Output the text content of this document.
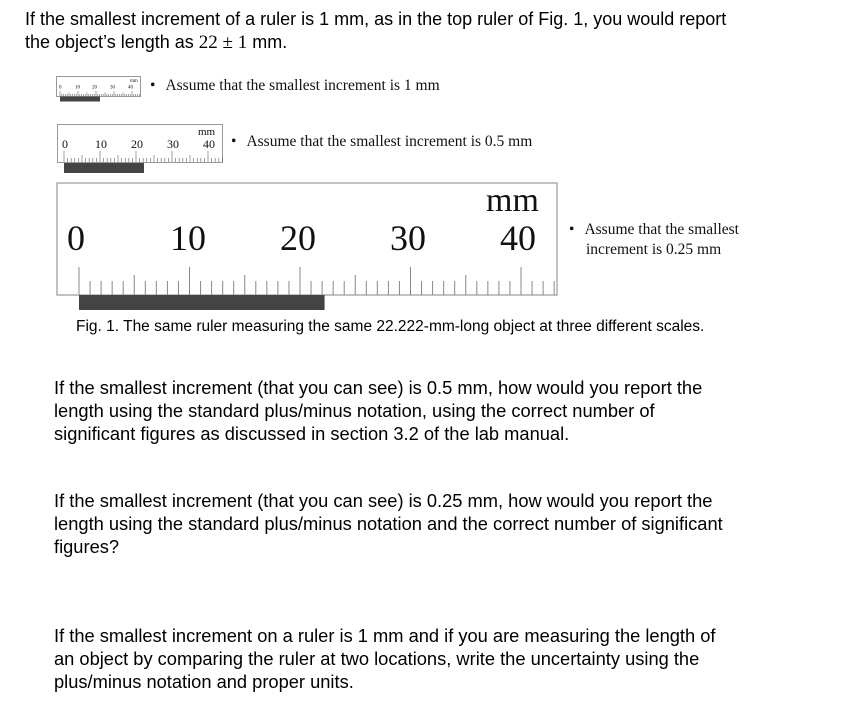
If the smallest increment of a ruler is 1 mm, as in the top ruler of Fig. 1, you would report
the object’s length as 22 ± 1 mm.
mm
0	10 20	30	40 • Assume that the smallest increment is 1 mm
mm
0 10 20 30 40 • Assume that the smallest increment is 0.5 mm
mm
0 10 20 30 40 • Assume that the smallest
increment is 0.25 mm
Fig. 1. The same ruler measuring the same 22.222-mm-long object at three different scales.
If the smallest increment (that you can see) is 0.5 mm, how would you report the
length using the standard plus/minus notation, using the correct number of
significant figures as discussed in section 3.2 of the lab manual.
If the smallest increment (that you can see) is 0.25 mm, how would you report the
length using the standard plus/minus notation and the correct number of significant
figures?
If the smallest increment on a ruler is 1 mm and if you are measuring the length of
an object by comparing the ruler at two locations, write the uncertainty using the
plus/minus notation and proper units.
